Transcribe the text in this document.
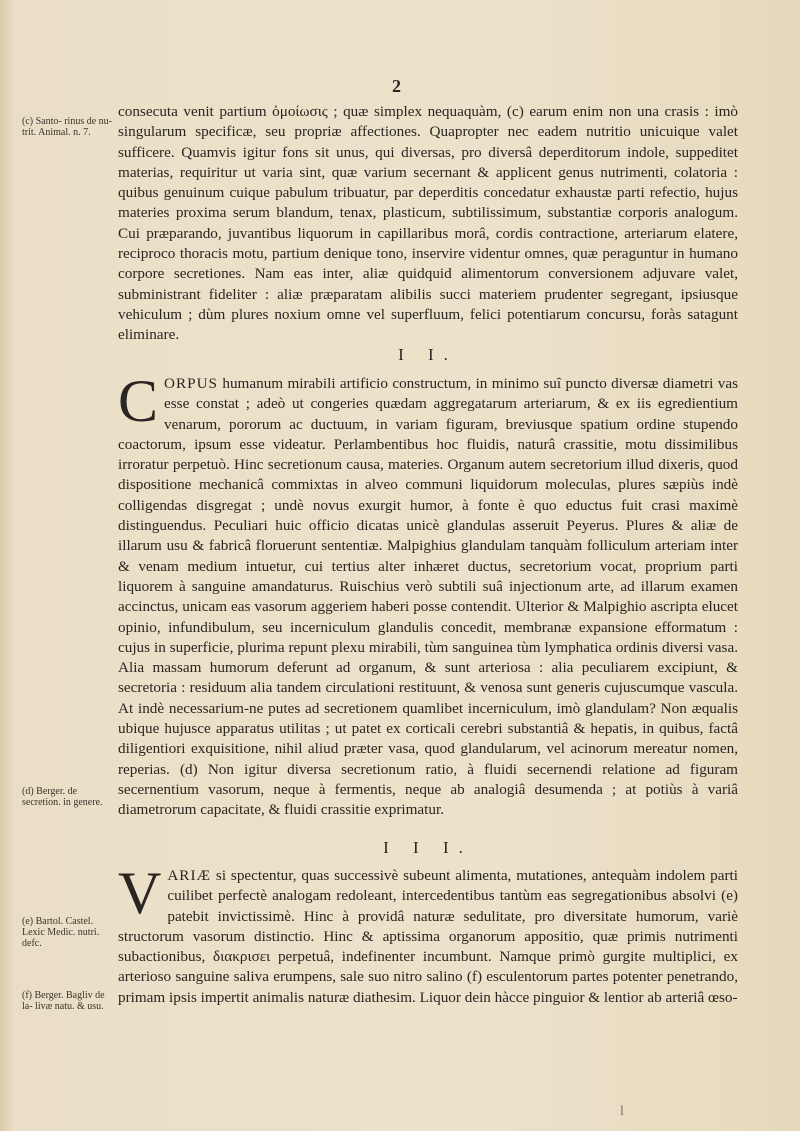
2
(c) Santo- rinus de nu- trit. Animal. n. 7.
(d) Berger. de secretion. in genere.
(e) Bartol. Castel. Lexic Medic. nutri. defc.
(f) Berger. Bagliv de la- livæ natu. & usu.

consecuta venit partium ὁμοίωσις ; quæ simplex nequaquàm, (c) earum enim non una crasis : imò singularum specificæ, seu propriæ affectiones. Quapropter nec eadem nutritio unicuique valet sufficere. Quamvis igitur fons sit unus, qui diversas, pro diversâ deperditorum indole, suppeditet materias, requiritur ut varia sint, quæ varium secernant & applicent genus nutrimenti, colatoria : quibus genuinum cuique pabulum tribuatur, par deperditis concedatur exhaustæ parti refectio, hujus materies proxima serum blandum, tenax, plasticum, subtilissimum, substantiæ corporis analogum. Cui præparando, juvantibus liquorum in capillaribus morâ, cordis contractione, arteriarum elatere, reciproco thoracis motu, partium denique tono, inservire videntur omnes, quæ peraguntur in humano corpore secretiones. Nam eas inter, aliæ quidquid alimentorum conversionem adjuvare valet, subministrant fideliter : aliæ præparatam alibilis succi materiem prudenter segregant, ipsiusque vehiculum ; dùm plures noxium omne vel superfluum, felici potentiarum concursu, foràs satagunt eliminare.

I I.

CORPUS humanum mirabili artificio constructum, in minimo suî puncto diversæ diametri vas esse constat ; adeò ut congeries quædam aggregatarum arteriarum, & ex iis egredientium venarum, pororum ac ductuum, in variam figuram, breviusque spatium ordine stupendo coactorum, ipsum esse videatur. Perlambentibus hoc fluidis, naturâ crassitie, motu dissimilibus irroratur perpetuò. Hinc secretionum causa, materies. Organum autem secretorium illud dixeris, quod dispositione mechanicâ commixtas in alveo communi liquidorum moleculas, plures sæpiùs indè colligendas disgregat ; undè novus exurgit humor, à fonte è quo eductus fuit crasi maximè distinguendus. Peculiari huic officio dicatas unicè glandulas asseruit Peyerus. Plures & aliæ de illarum usu & fabricâ floruerunt sententiæ. Malpighius glandulam tanquàm folliculum arteriam inter & venam medium intuetur, cui tertius alter inhæret ductus, secretorium vocat, proprium parti liquorem à sanguine amandaturus. Ruischius verò subtili suâ injectionum arte, ad illarum examen accinctus, unicam eas vasorum aggeriem haberi posse contendit. Ulterior & Malpighio ascripta elucet opinio, infundibulum, seu incerniculum glandulis concedit, membranæ expansione efformatum : cujus in superficie, plurima repunt plexu mirabili, tùm sanguinea tùm lymphatica ordinis diversi vasa. Alia massam humorum deferunt ad organum, & sunt arteriosa : alia peculiarem excipiunt, & secretoria : residuum alia tandem circulationi restituunt, & venosa sunt generis cujuscumque vascula. At indè necessarium-ne putes ad secretionem quamlibet incerniculum, imò glandulam? Non æqualis ubique hujusce apparatus utilitas ; ut patet ex corticali cerebri substantiâ & hepatis, in quibus, factâ diligentiori exquisitione, nihil aliud præter vasa, quod glandularum, vel acinorum mereatur nomen, reperias. (d) Non igitur diversa secretionum ratio, à fluidi secernendi relatione ad figuram secernentium vasorum, neque à fermentis, neque ab analogiâ desumenda ; at potiùs à variâ diametrorum capacitate, & fluidi crassitie exprimatur.

I I I.

VARIÆ si spectentur, quas successivè subeunt alimenta, mutationes, antequàm indolem parti cuilibet perfectè analogam redoleant, intercedentibus tantùm eas segregationibus absolvi (e) patebit invictissimè. Hinc à providâ naturæ sedulitate, pro diversitate humorum, variè structorum vasorum distinctio. Hinc & aptissima organorum appositio, quæ primis nutrimenti subactionibus, διακρισει perpetuâ, indefinenter incumbunt. Namque primò gurgite multiplici, ex arterioso sanguine saliva erumpens, sale suo nitro salino (f) esculentorum partes potenter penetrando, primam ipsis impertit animalis naturæ diathesim. Liquor dein hàcce pinguior & lentior ab arteriâ œso-

l
